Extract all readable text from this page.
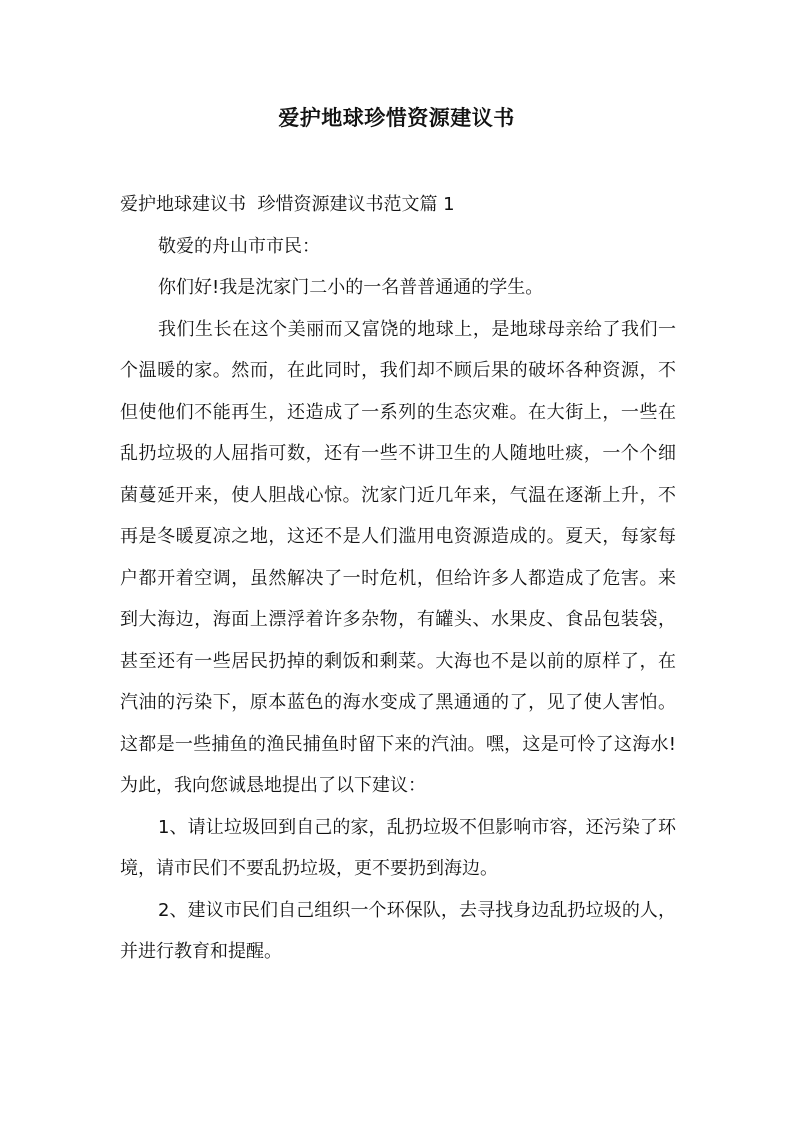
爱护地球珍惜资源建议书

爱护地球建议书  珍惜资源建议书范文篇 1

敬爱的舟山市市民：

你们好!我是沈家门二小的一名普普通通的学生。

我们生长在这个美丽而又富饶的地球上，是地球母亲给了我们一个温暖的家。然而，在此同时，我们却不顾后果的破坏各种资源，不但使他们不能再生，还造成了一系列的生态灾难。在大街上，一些在乱扔垃圾的人屈指可数，还有一些不讲卫生的人随地吐痰，一个个细菌蔓延开来，使人胆战心惊。沈家门近几年来，气温在逐渐上升，不再是冬暖夏凉之地，这还不是人们滥用电资源造成的。夏天，每家每户都开着空调，虽然解决了一时危机，但给许多人都造成了危害。来到大海边，海面上漂浮着许多杂物，有罐头、水果皮、食品包装袋，甚至还有一些居民扔掉的剩饭和剩菜。大海也不是以前的原样了，在汽油的污染下，原本蓝色的海水变成了黑通通的了，见了使人害怕。这都是一些捕鱼的渔民捕鱼时留下来的汽油。嘿，这是可怜了这海水!为此，我向您诚恳地提出了以下建议：

1、请让垃圾回到自己的家，乱扔垃圾不但影响市容，还污染了环境，请市民们不要乱扔垃圾，更不要扔到海边。

2、建议市民们自己组织一个环保队，去寻找身边乱扔垃圾的人，并进行教育和提醒。
